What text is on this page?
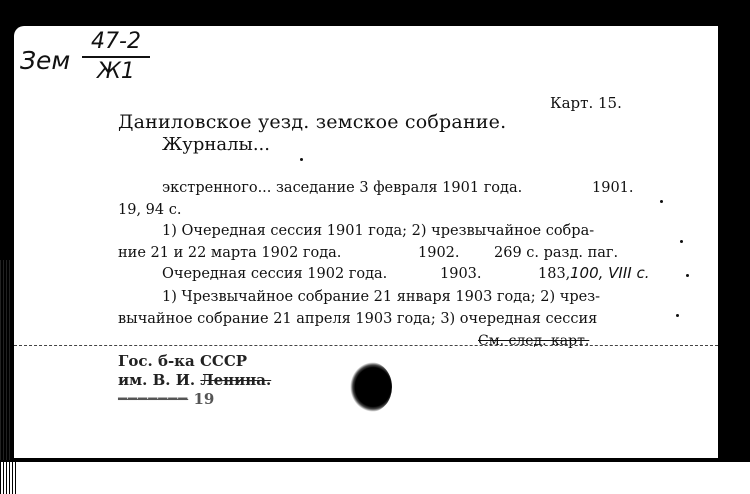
Зем
47-2
Ж1
Карт. 15.
Даниловское уезд. земское собрание.
Журналы...
экстренного... заседание 3 февраля 1901 года.	1901.
19, 94 с.
1) Очередная сессия 1901 года; 2) чрезвычайное собра-
ние 21 и 22 марта 1902 года.	1902. 269 с. разд. паг.
Очередная сессия 1902 года.	1903.	183, 100, VIII с.
1) Чрезвычайное собрание 21 января 1903 года; 2) чрез-
вычайное собрание 21 апреля 1903 года; 3) очередная сессия
См. след. карт.
Гос. б-ка СССР
им. В. И. Ленина.
━━━━━━━ 19
